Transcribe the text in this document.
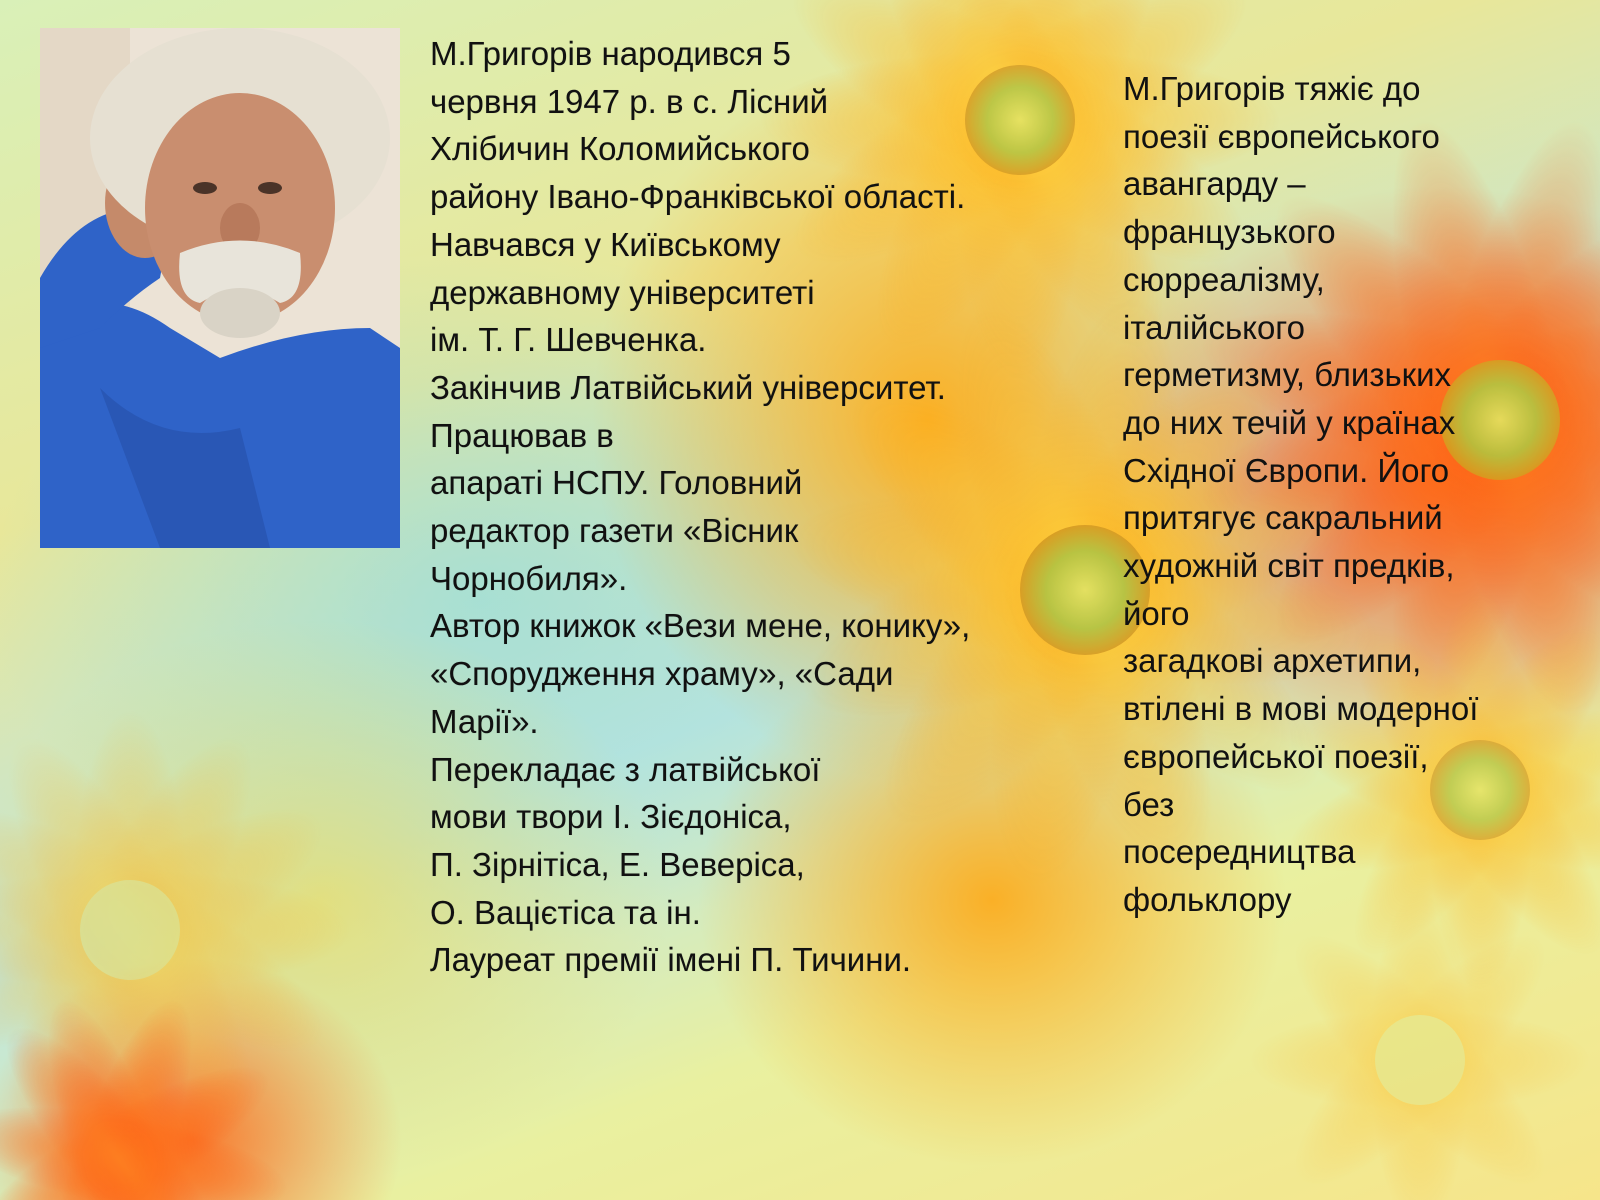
М.Григорів народився 5
червня 1947 р. в с. Лісний
Хлібичин Коломийського
району Івано-Франківської області.
Навчався у Київському
державному університеті
ім. Т. Г. Шевченка.
Закінчив Латвійський університет.
Працював в
апараті НСПУ. Головний
редактор газети «Вісник
Чорнобиля».
Автор книжок «Вези мене, конику»,
«Спорудження храму», «Сади
Марії».
Перекладає з латвійської
мови твори І. Зієдоніса,
П. Зірнітіса, Е. Веверіса,
О. Вацієтіса та ін.
Лауреат премії імені П. Тичини.
М.Григорів тяжіє до
поезії європейського
авангарду –
французького
сюрреалізму,
італійського
герметизму, близьких
до них течій у країнах
Східної Європи. Його
притягує сакральний
художній світ предків,
його
загадкові архетипи,
втілені в мові модерної
європейської поезії,
без
посередництва
фольклору
